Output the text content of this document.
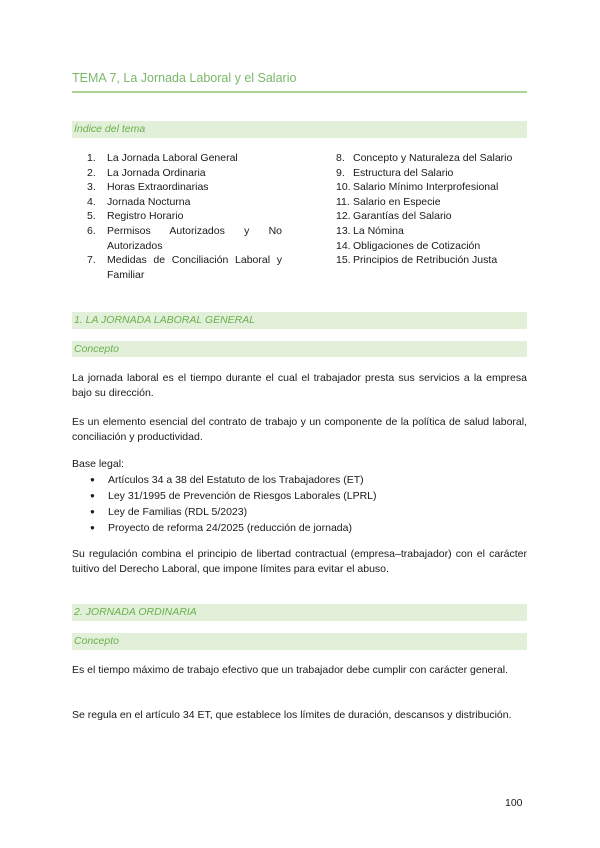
TEMA 7, La Jornada Laboral y el Salario
Índice del tema
1.	La Jornada Laboral General
2.	La Jornada Ordinaria
3.	Horas Extraordinarias
4.	Jornada Nocturna
5.	Registro Horario
6.	Permisos Autorizados y No Autorizados
7.	Medidas de Conciliación Laboral y Familiar
8. Concepto y Naturaleza del Salario
9. Estructura del Salario
10. Salario Mínimo Interprofesional
11. Salario en Especie
12. Garantías del Salario
13. La Nómina
14. Obligaciones de Cotización
15. Principios de Retribución Justa
1. LA JORNADA LABORAL GENERAL
Concepto
La jornada laboral es el tiempo durante el cual el trabajador presta sus servicios a la empresa bajo su dirección.
Es un elemento esencial del contrato de trabajo y un componente de la política de salud laboral, conciliación y productividad.
Base legal:
● Artículos 34 a 38 del Estatuto de los Trabajadores (ET)
● Ley 31/1995 de Prevención de Riesgos Laborales (LPRL)
● Ley de Familias (RDL 5/2023)
● Proyecto de reforma 24/2025 (reducción de jornada)
Su regulación combina el principio de libertad contractual (empresa–trabajador) con el carácter tuitivo del Derecho Laboral, que impone límites para evitar el abuso.
2. JORNADA ORDINARIA
Concepto
Es el tiempo máximo de trabajo efectivo que un trabajador debe cumplir con carácter general.
Se regula en el artículo 34 ET, que establece los límites de duración, descansos y distribución.
100
